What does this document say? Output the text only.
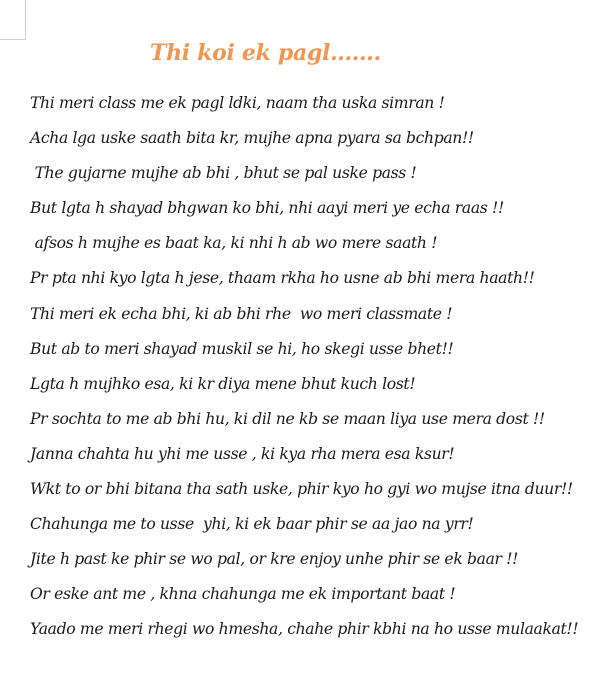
Thi koi ek pagl…….
Thi meri class me ek pagl ldki, naam tha uska simran !
Acha lga uske saath bita kr, mujhe apna pyara sa bchpan!!
The gujarne mujhe ab bhi , bhut se pal uske pass !
But lgta h shayad bhgwan ko bhi, nhi aayi meri ye echa raas !!
afsos h mujhe es baat ka, ki nhi h ab wo mere saath !
Pr pta nhi kyo lgta h jese, thaam rkha ho usne ab bhi mera haath!!
Thi meri ek echa bhi, ki ab bhi rhe  wo meri classmate !
But ab to meri shayad muskil se hi, ho skegi usse bhet!!
Lgta h mujhko esa, ki kr diya mene bhut kuch lost!
Pr sochta to me ab bhi hu, ki dil ne kb se maan liya use mera dost !!
Janna chahta hu yhi me usse , ki kya rha mera esa ksur!
Wkt to or bhi bitana tha sath uske, phir kyo ho gyi wo mujse itna duur!!
Chahunga me to usse  yhi, ki ek baar phir se aa jao na yrr!
Jite h past ke phir se wo pal, or kre enjoy unhe phir se ek baar !!
Or eske ant me , khna chahunga me ek important baat !
Yaado me meri rhegi wo hmesha, chahe phir kbhi na ho usse mulaakat!!
